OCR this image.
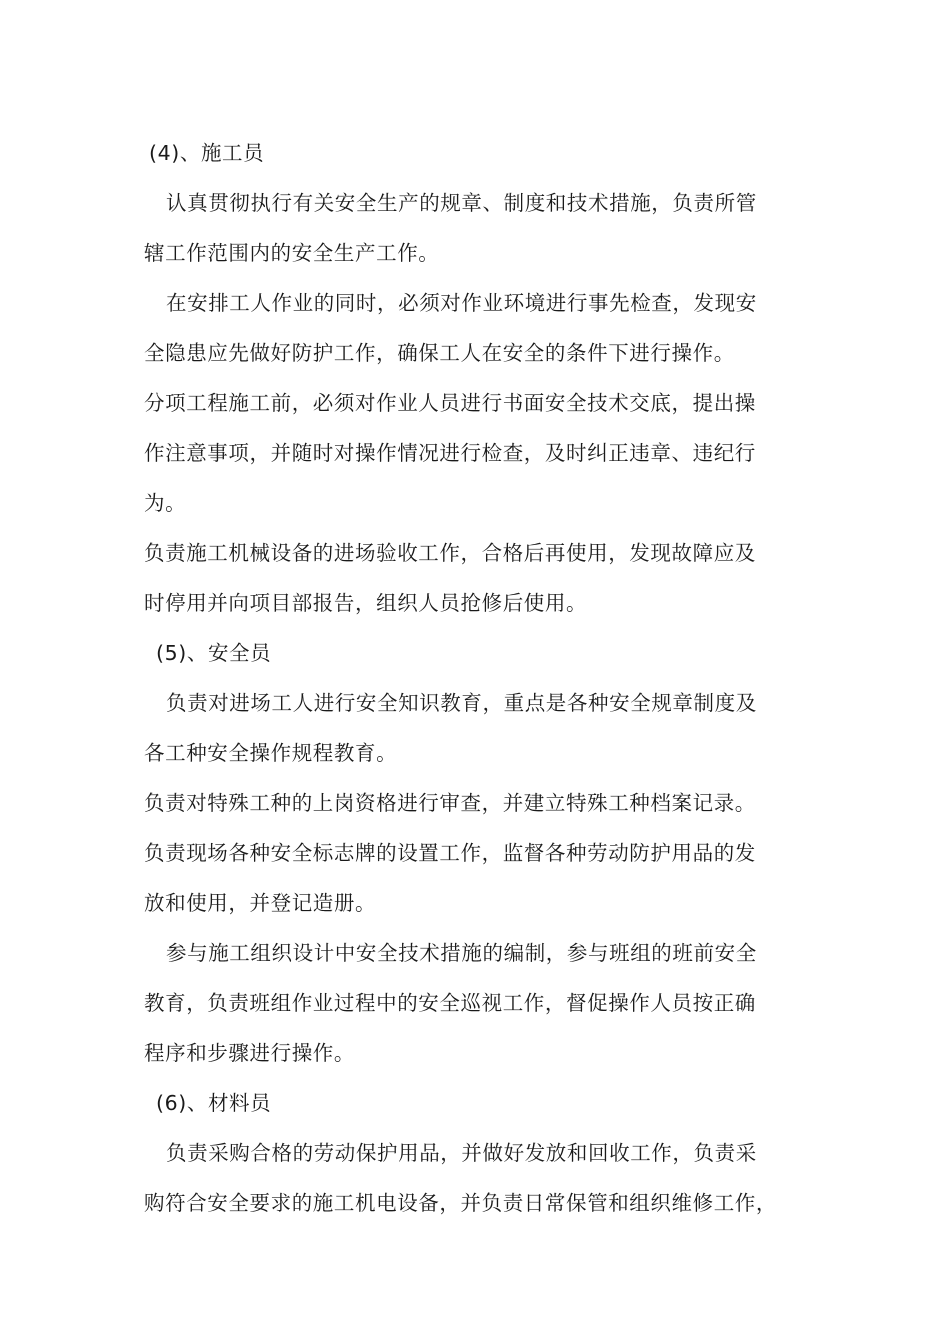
(4)、施工员
认真贯彻执行有关安全生产的规章、制度和技术措施，负责所管
辖工作范围内的安全生产工作。
在安排工人作业的同时，必须对作业环境进行事先检查，发现安
全隐患应先做好防护工作，确保工人在安全的条件下进行操作。
分项工程施工前，必须对作业人员进行书面安全技术交底，提出操
作注意事项，并随时对操作情况进行检查，及时纠正违章、违纪行
为。
负责施工机械设备的进场验收工作，合格后再使用，发现故障应及
时停用并向项目部报告，组织人员抢修后使用。
(5)、安全员
负责对进场工人进行安全知识教育，重点是各种安全规章制度及
各工种安全操作规程教育。
负责对特殊工种的上岗资格进行审查，并建立特殊工种档案记录。
负责现场各种安全标志牌的设置工作，监督各种劳动防护用品的发
放和使用，并登记造册。
参与施工组织设计中安全技术措施的编制，参与班组的班前安全
教育，负责班组作业过程中的安全巡视工作，督促操作人员按正确
程序和步骤进行操作。
(6)、材料员
负责采购合格的劳动保护用品，并做好发放和回收工作，负责采
购符合安全要求的施工机电设备，并负责日常保管和组织维修工作，
